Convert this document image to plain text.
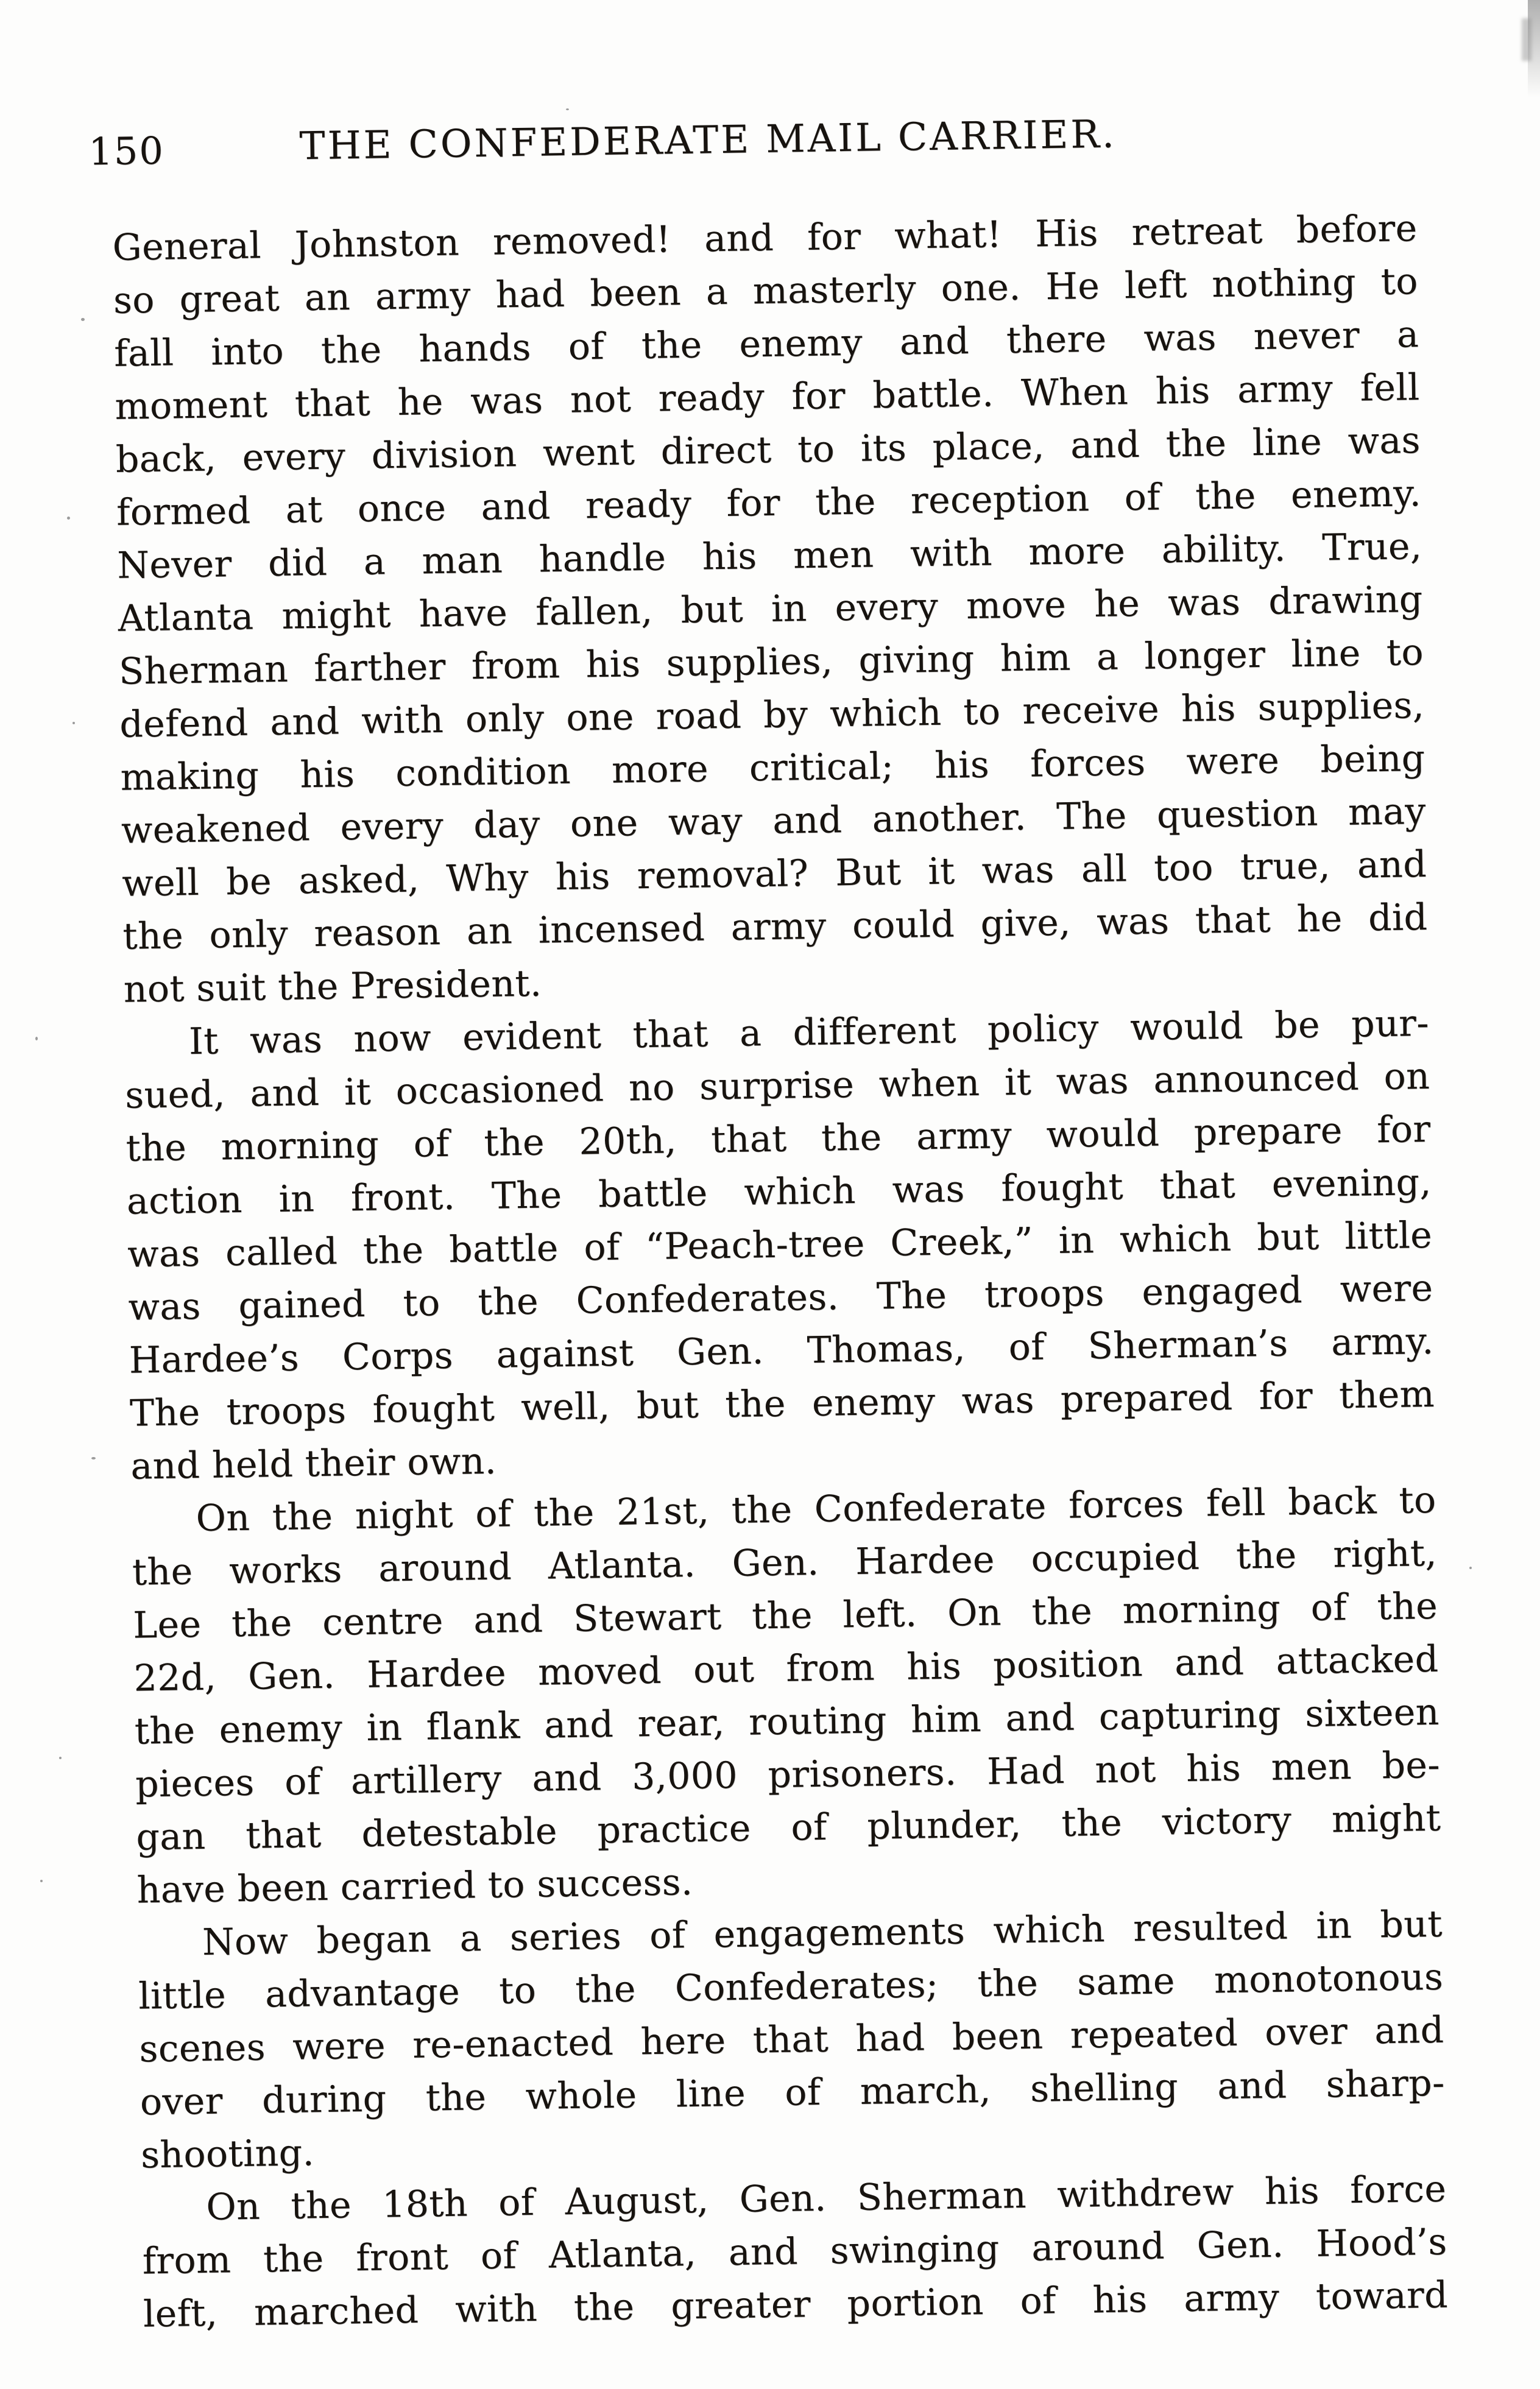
150	THE CONFEDERATE MAIL CARRIER.
General Johnston removed! and for what! His retreat before
so great an army had been a masterly one. He left nothing to
fall into the hands of the enemy and there was never a
moment that he was not ready for battle. When his army fell
back, every division went direct to its place, and the line was
formed at once and ready for the reception of the enemy.
Never did a man handle his men with more ability. True,
Atlanta might have fallen, but in every move he was drawing
Sherman farther from his supplies, giving him a longer line to
defend and with only one road by which to receive his supplies,
making his condition more critical; his forces were being
weakened every day one way and another. The question may
well be asked, Why his removal? But it was all too true, and
the only reason an incensed army could give, was that he did
not suit the President.
It was now evident that a different policy would be pur-
sued, and it occasioned no surprise when it was announced on
the morning of the 20th, that the army would prepare for
action in front. The battle which was fought that evening,
was called the battle of “Peach-tree Creek,” in which but little
was gained to the Confederates. The troops engaged were
Hardee’s Corps against Gen. Thomas, of Sherman’s army.
The troops fought well, but the enemy was prepared for them
and held their own.
On the night of the 21st, the Confederate forces fell back to
the works around Atlanta. Gen. Hardee occupied the right,
Lee the centre and Stewart the left. On the morning of the
22d, Gen. Hardee moved out from his position and attacked
the enemy in flank and rear, routing him and capturing sixteen
pieces of artillery and 3,000 prisoners. Had not his men be-
gan that detestable practice of plunder, the victory might
have been carried to success.
Now began a series of engagements which resulted in but
little advantage to the Confederates; the same monotonous
scenes were re-enacted here that had been repeated over and
over during the whole line of march, shelling and sharp-
shooting.
On the 18th of August, Gen. Sherman withdrew his force
from the front of Atlanta, and swinging around Gen. Hood’s
left, marched with the greater portion of his army toward
